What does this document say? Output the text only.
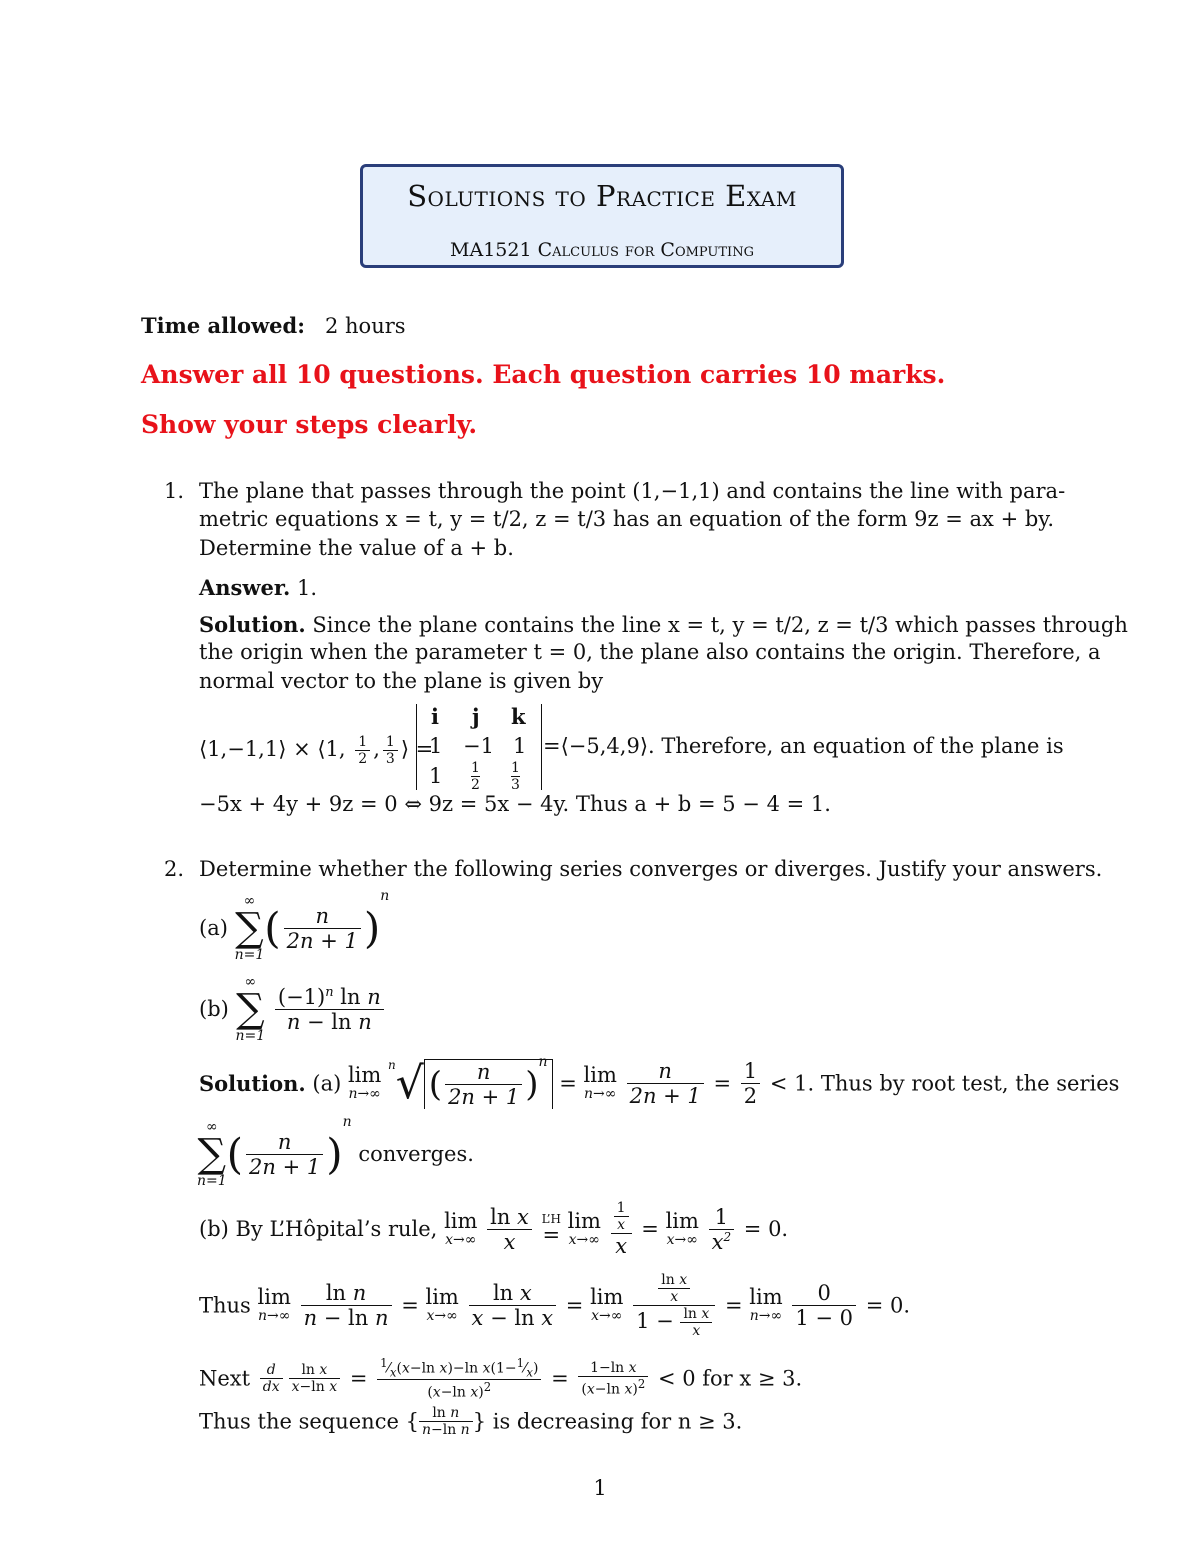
Solutions to Practice Exam
MA1521 Calculus for Computing
Time allowed: 2 hours
Answer all 10 questions. Each question carries 10 marks.
Show your steps clearly.
1. The plane that passes through the point (1,−1,1) and contains the line with para-
metric equations x = t, y = t/2, z = t/3 has an equation of the form 9z = ax + by.
Determine the value of a + b.
Answer. 1.
Solution. Since the plane contains the line x = t, y = t/2, z = t/3 which passes through
the origin when the parameter t = 0, the plane also contains the origin. Therefore, a
normal vector to the plane is given by
⟨1,−1,1⟩ × ⟨1, $\frac{1}{2}$ , $\frac{1}{3}$ ⟩ =
i j k
1 −1 1
1 1
2
1
3
=⟨−5,4,9⟩. Therefore, an equation of the plane is
−5x + 4y + 9z = 0 ⇔ 9z = 5x − 4y. Thus a + b = 5 − 4 = 1.
2. Determine whether the following series converges or diverges. Justify your answers.
(a)
∞
∑
n=1
( $\frac{n}{2n + 1} )^n$
(b)
∞
∑
n=1

$\frac{(-1)^n \ln n}{\text{n − ln n}}$
Solution. (a) lim
n→∞
$^n$√ ( $\frac{n}{2n + 1} )^n = \lim$
n→∞
$\frac{n}{2n + 1} = \frac{1}{2} < 1$. Thus by root test, the series
∞
∑
n=1
( $\frac{n}{2n + 1} )^n$ converges.
(b) By L’Hôpital’s rule, lim
x→∞
$\frac{\text{ln x}}{x}$
L’H
= lim
x→∞
$\frac{\frac{1}{x}}{x} = \lim$
x→∞
$\frac{1}{x^2} = 0$.
Thus lim
n→∞
$\frac{\text{ln n}}{\text{n − ln n}} = \lim$
x→∞
$\frac{\text{ln x}}{\text{x − ln x}} = \lim$
x→∞
$\frac{\frac{\text{ln x}}{x}}{1 - \frac{\text{ln x}}{x}} = \lim$
n→∞
$\frac{0}{1 - 0} = 0$.
Next $\frac{d}{dx} \frac{\text{ln x}}{\text{x−ln x}} = \frac{^1⁄_x(x-\ln x)-\ln x(1-^1⁄_x)}{(x-\ln x)^2} = \frac{\text{1−ln x}}{(x-\ln x)^2} < 0$ for x ≥ 3.
Thus the sequence { $\frac{\text{ln n}}{\text{n−ln n}}$ } is decreasing for n ≥ 3.
1
